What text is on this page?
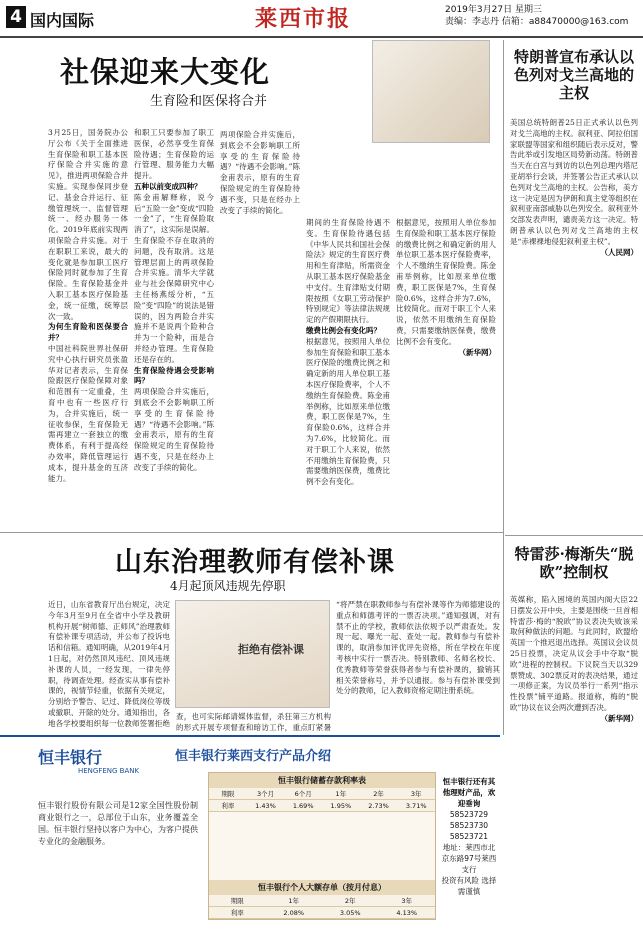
4 国内国际	莱西市报	2019年3月27日 星期三
责编：李志丹 信箱：a88470000@163.com
社保迎来大变化
生育险和医保将合并
3月25日，国务院办公厅公布《关于全面推进生育保险和职工基本医疗保险合并实施的意见》，推进两项保险合并实施。实现参保同步登记、基金合并运行、征缴管理统一、监督管理统一、经办服务一体化。2019年底前实现两项保险合并实施。对于在职职工来说，最大的变化就是参加职工医疗保险同时就参加了生育保险。生育保险基金并入职工基本医疗保险基金，统一征缴，统筹层次一致。
为何生育险和医保要合并？
中国社科院世界社保研究中心执行研究员张盈华对记者表示，生育保险跟医疗保险保障对象和范围有一定重叠，生育中也有一些医疗行为，合并实施后，统一征收参保，生育保险无需再建立一套独立的缴费体系，有利于提高经办效率，降低管理运行成本，提升基金的互济能力。
和职工只要参加了职工医保，必然享受生育保险待遇；生育保险的运行管理、服务能力大幅提升。
五种以前变成四种？
陈金甫解释称，说今后“五险一金”变成“四险一金”了，“生育保险取消了”，这实际是误解。生育保险不存在取消的问题，没有取消。这是管理层面上的两项保险合并实施。清华大学就业与社会保障研究中心主任杨燕绥分析，“五险”变“四险”的说法是错误的，因为两险合并实施并不是说两个险种合并为一个险种，而是合并经办管理。生育保险还是存在的。
生育保险待遇会受影响吗？
两项保险合并实施后，到底会不会影响职工所享受的生育保险待遇？“待遇不会影响。”陈金甫表示，原有的生育保险规定的生育保险待遇不变，只是在经办上改变了手续的简化。
两项保险合并实施后，到底会不会影响职工所享受的生育保险待遇？“待遇不会影响。”陈金甫表示，原有的生育保险规定的生育保险待遇不变，只是在经办上改变了手续的简化。
期间的生育保险待遇不变。生育保险待遇包括《中华人民共和国社会保险法》规定的生育医疗费用和生育津贴，所需资金从职工基本医疗保险基金中支付。生育津贴支付期限按照《女职工劳动保护特别规定》等法律法规规定的产假期限执行。
缴费比例会有变化吗？
根据意见，按照用人单位参加生育保险和职工基本医疗保险的缴费比例之和确定新的用人单位职工基本医疗保险费率，个人不缴纳生育保险费。陈金甫举例称，比如原来单位缴费，职工医保是7%，生育保险0.6%，这样合并为7.6%，比较简化。而对于职工个人来说，依然不用缴纳生育保险费，只需要缴纳医保费，缴费比例不会有变化。
根据意见，按照用人单位参加生育保险和职工基本医疗保险的缴费比例之和确定新的用人单位职工基本医疗保险费率，个人不缴纳生育保险费。陈金甫举例称，比如原来单位缴费，职工医保是7%，生育保险0.6%，这样合并为7.6%，比较简化。而对于职工个人来说，依然不用缴纳生育保险费，只需要缴纳医保费，缴费比例不会有变化。
（新华网）
特朗普宣布承认以色列对戈兰高地的主权
美国总统特朗普25日正式承认以色列对戈兰高地的主权。叙利亚、阿拉伯国家联盟等国家和组织随后表示反对，警告此举或引发地区局势新动荡。特朗普当天在白宫与到访的以色列总理内塔尼亚胡举行会谈，并签署公告正式承认以色列对戈兰高地的主权。公告称，美方这一决定是因为伊朗和真主党等组织在叙利亚南部威胁以色列安全。叙利亚外交部发表声明，谴责美方这一决定。特朗普承认以色列对戈兰高地的主权是“赤裸裸地侵犯叙利亚主权”。
（人民网）
山东治理教师有偿补课
4月起顶风违规先停职
拒绝有偿补课
近日，山东省教育厅出台规定，决定今年3月至9月在全省中小学及教研机构开展“树师德、正师风”治理教师有偿补课专项活动，并公布了投诉电话和信箱。通知明确，从2019年4月1日起，对仍然顶风违纪、顶风违规补课的人员，一经发现，一律先停职，待调查处理。经查实从事有偿补课的，视情节轻重，依据有关规定，分别给予警告、记过、降低岗位等级或撤职、开除的处分。通知指出，各地各学校要组织每一位教师签署拒绝
查，也可实际邮请媒体监督，杀狂第三方机构的形式开展专项督查和暗访工作，重点盯紧暑
“将严禁在职教师参与有偿补课等作为师德建设的重点和师德考评的一票否决项。”通知强调，对有禁不止的学校，教师依法依规予以严肃查处。发现一起、曝光一起、查处一起。教师参与有偿补课的，取消参加评优评先资格，所在学校在年度考核中实行一票否决。特别教师、名师名校长、优秀教师等荣誉获得者参与有偿补课的，撤销其相关荣誉称号，并予以通报。参与有偿补课受到处分的教师，记入教师资格定期注册系统。
特雷莎·梅渐失“脱欧”控制权
英媒称，陷入困境的英国内阁大臣22日摆发公开中央，主要是围绕一旦首相特雷莎·梅的“脱欧”协议表决失败该采取何种做法的问题。与此同时，欧盟给英国一个推迟退出选择。英国议会议员25日投票，决定从议会手中夺取“脱欧”进程的控制权。下议院当天以329票赞成、302票反对的表决结果，通过一项修正案，为议员举行一系列“指示性投票”铺平道路。报道称，梅的“脱欧”协议在议会两次遭到否决。
（新华网）
恒丰银行
HENGFENG BANK
恒丰银行莱西支行产品介绍
恒丰银行股份有限公司是12家全国性股份制商业银行之一，总部位于山东，业务覆盖全国。恒丰银行坚持以客户为中心，为客户提供专业化的金融服务。
恒丰银行储蓄存款利率表
期限	3个月	6个月	1年	2年	3年
利率	1.43%	1.69%	1.95%	2.73%	3.71%
恒丰银行个人大额存单（按月付息）
期限	1年	2年	3年
利率	2.08%	3.05%	4.13%
恒丰银行还有其他理财产品，欢迎垂询
58523729
58523730
58523721
地址：莱西市北京东路97号莱西支行
投资有风险 选择需谨慎
